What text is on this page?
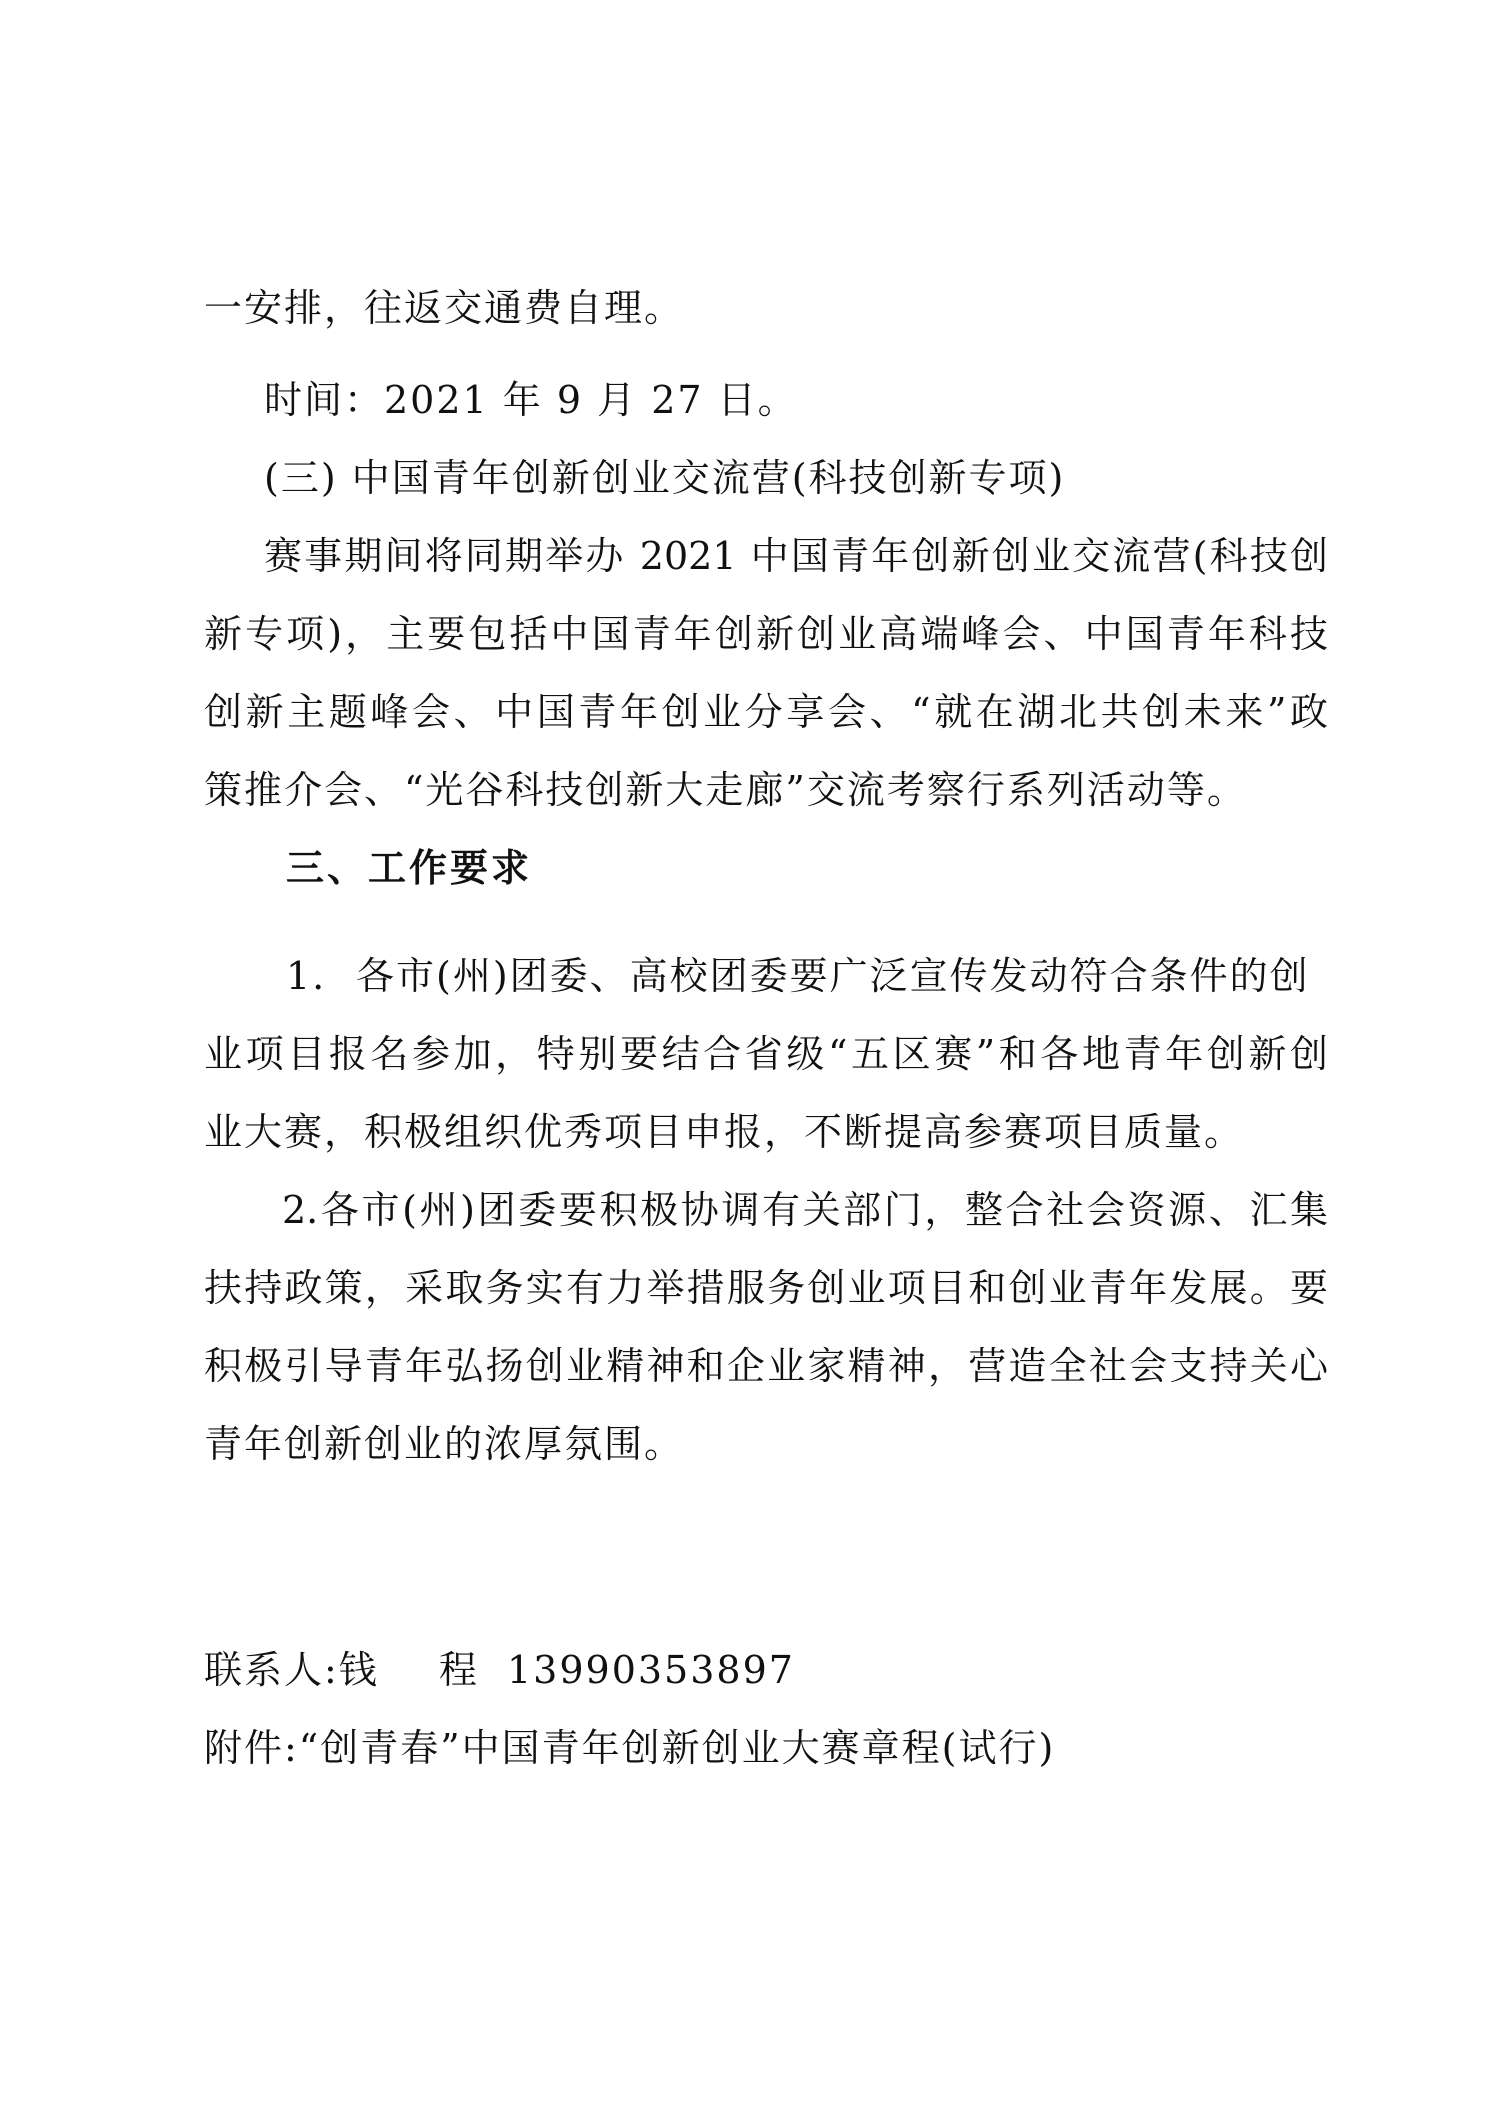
一安排，往返交通费自理。
时间：2021 年 9 月 27 日。
(三) 中国青年创新创业交流营(科技创新专项)
赛事期间将同期举办 2021 中国青年创新创业交流营(科技创
新专项)，主要包括中国青年创新创业高端峰会、中国青年科技
创新主题峰会、中国青年创业分享会、“就在湖北共创未来”政
策推介会、“光谷科技创新大走廊”交流考察行系列活动等。
三、工作要求
1. 各市(州)团委、高校团委要广泛宣传发动符合条件的创
业项目报名参加，特别要结合省级“五区赛”和各地青年创新创
业大赛，积极组织优秀项目申报，不断提高参赛项目质量。
2.各市(州)团委要积极协调有关部门，整合社会资源、汇集
扶持政策，采取务实有力举措服务创业项目和创业青年发展。要
积极引导青年弘扬创业精神和企业家精神，营造全社会支持关心
青年创新创业的浓厚氛围。
联系人:钱 程 13990353897
附件:“创青春”中国青年创新创业大赛章程(试行)
